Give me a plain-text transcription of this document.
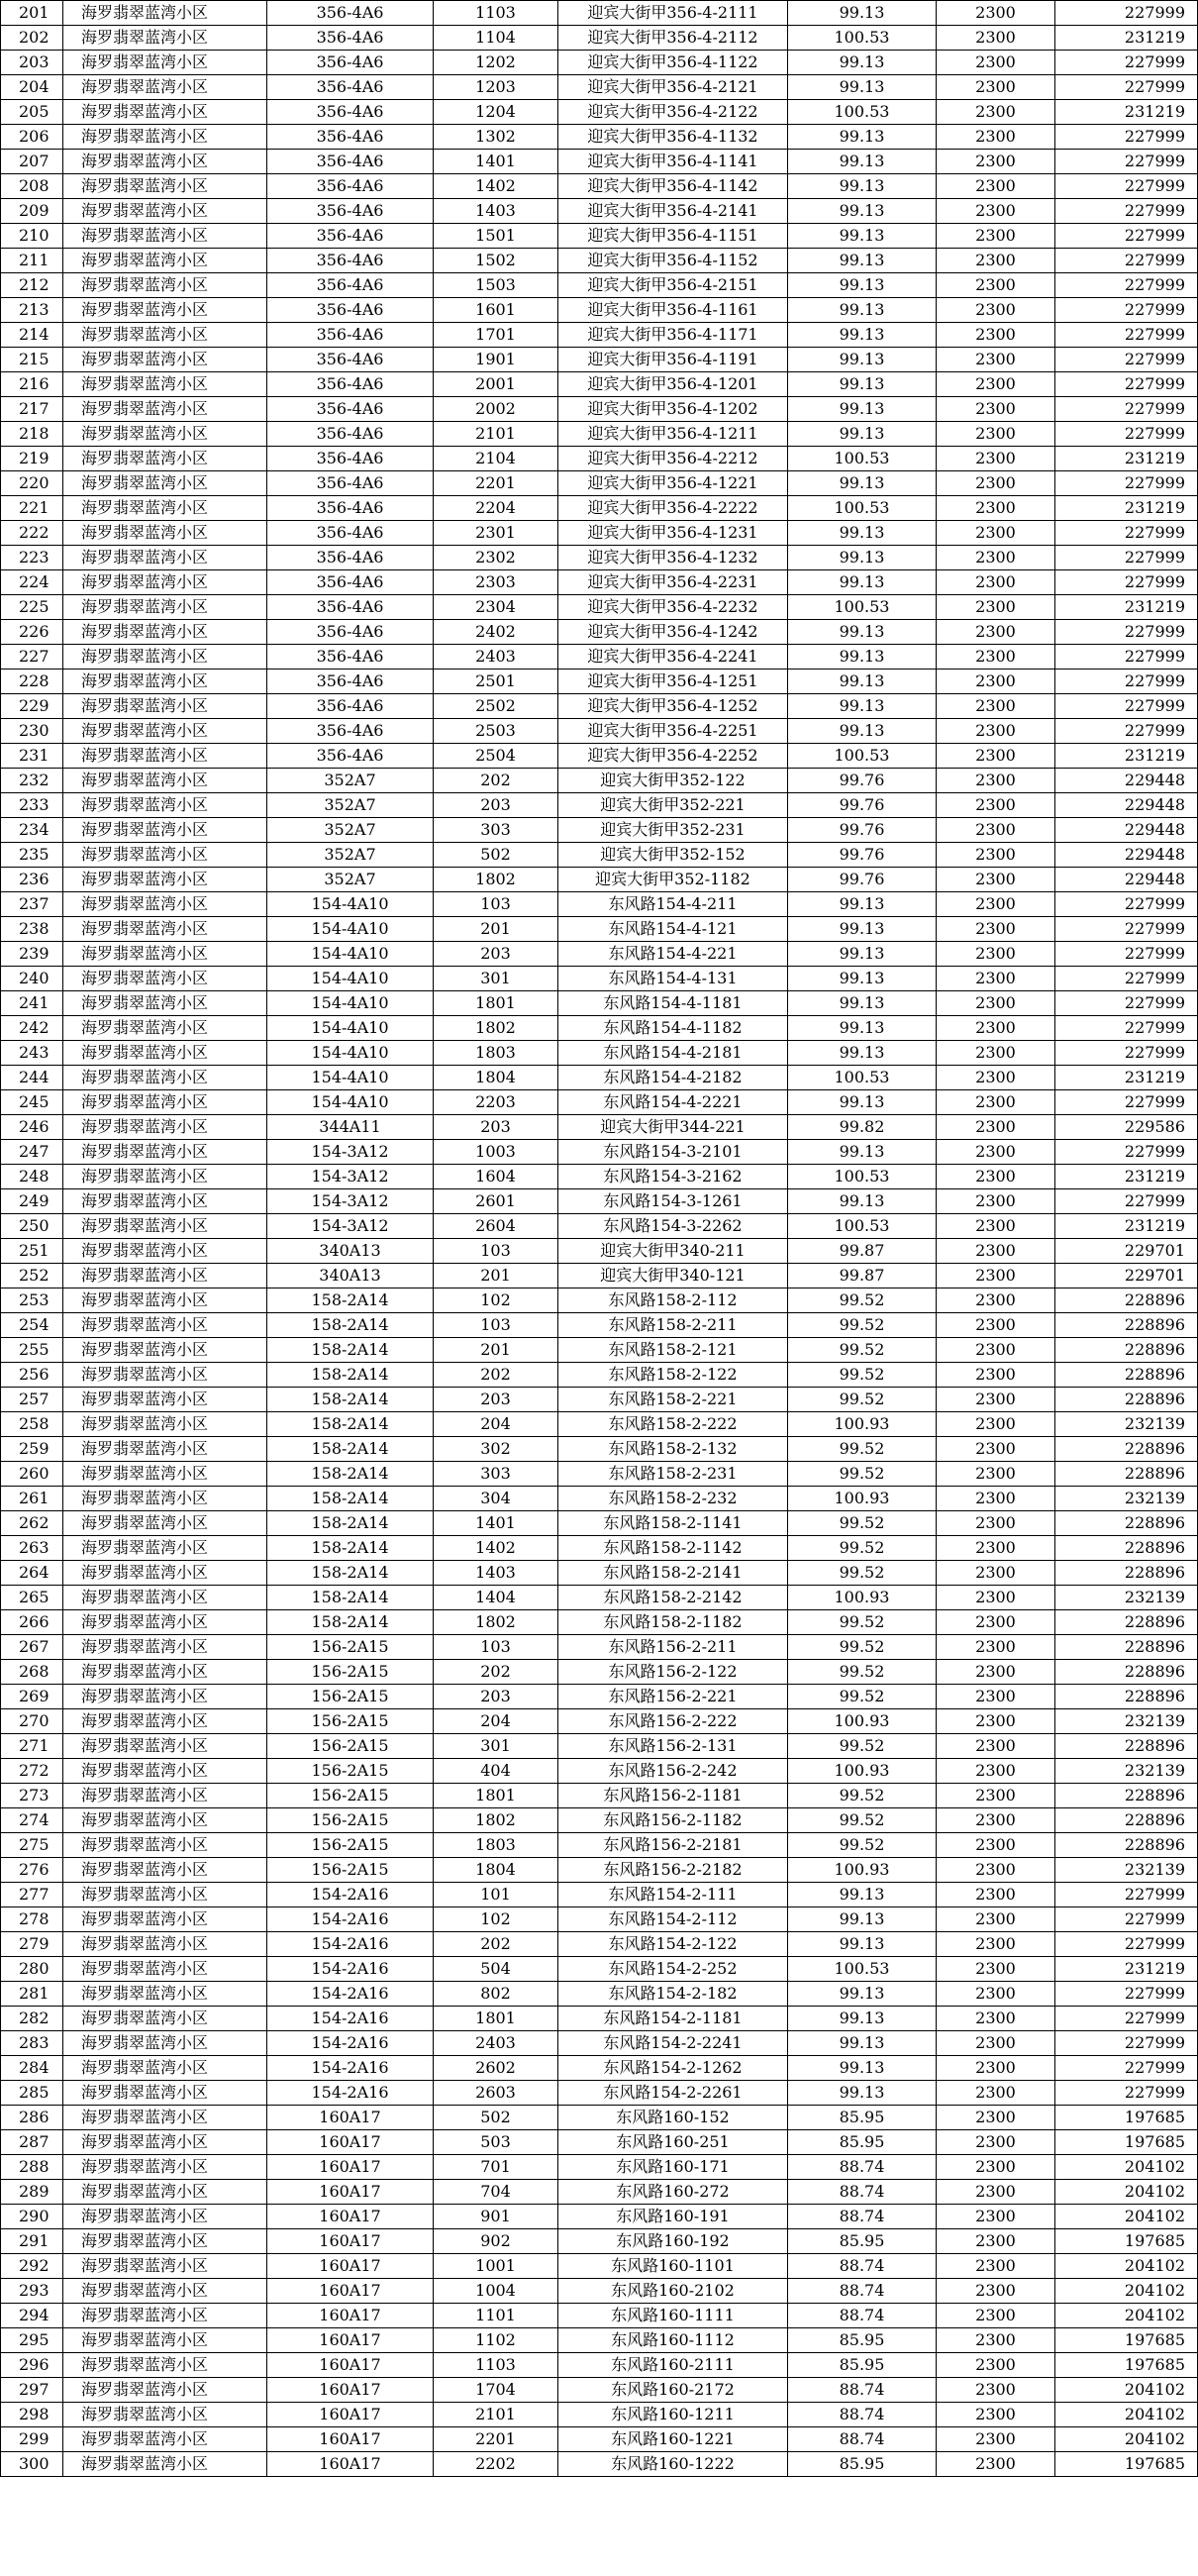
201	海罗翡翠蓝湾小区	356-4A6	1103	迎宾大街甲356-4-2111	99.13	2300	227999
202	海罗翡翠蓝湾小区	356-4A6	1104	迎宾大街甲356-4-2112	100.53	2300	231219
203	海罗翡翠蓝湾小区	356-4A6	1202	迎宾大街甲356-4-1122	99.13	2300	227999
204	海罗翡翠蓝湾小区	356-4A6	1203	迎宾大街甲356-4-2121	99.13	2300	227999
205	海罗翡翠蓝湾小区	356-4A6	1204	迎宾大街甲356-4-2122	100.53	2300	231219
206	海罗翡翠蓝湾小区	356-4A6	1302	迎宾大街甲356-4-1132	99.13	2300	227999
207	海罗翡翠蓝湾小区	356-4A6	1401	迎宾大街甲356-4-1141	99.13	2300	227999
208	海罗翡翠蓝湾小区	356-4A6	1402	迎宾大街甲356-4-1142	99.13	2300	227999
209	海罗翡翠蓝湾小区	356-4A6	1403	迎宾大街甲356-4-2141	99.13	2300	227999
210	海罗翡翠蓝湾小区	356-4A6	1501	迎宾大街甲356-4-1151	99.13	2300	227999
211	海罗翡翠蓝湾小区	356-4A6	1502	迎宾大街甲356-4-1152	99.13	2300	227999
212	海罗翡翠蓝湾小区	356-4A6	1503	迎宾大街甲356-4-2151	99.13	2300	227999
213	海罗翡翠蓝湾小区	356-4A6	1601	迎宾大街甲356-4-1161	99.13	2300	227999
214	海罗翡翠蓝湾小区	356-4A6	1701	迎宾大街甲356-4-1171	99.13	2300	227999
215	海罗翡翠蓝湾小区	356-4A6	1901	迎宾大街甲356-4-1191	99.13	2300	227999
216	海罗翡翠蓝湾小区	356-4A6	2001	迎宾大街甲356-4-1201	99.13	2300	227999
217	海罗翡翠蓝湾小区	356-4A6	2002	迎宾大街甲356-4-1202	99.13	2300	227999
218	海罗翡翠蓝湾小区	356-4A6	2101	迎宾大街甲356-4-1211	99.13	2300	227999
219	海罗翡翠蓝湾小区	356-4A6	2104	迎宾大街甲356-4-2212	100.53	2300	231219
220	海罗翡翠蓝湾小区	356-4A6	2201	迎宾大街甲356-4-1221	99.13	2300	227999
221	海罗翡翠蓝湾小区	356-4A6	2204	迎宾大街甲356-4-2222	100.53	2300	231219
222	海罗翡翠蓝湾小区	356-4A6	2301	迎宾大街甲356-4-1231	99.13	2300	227999
223	海罗翡翠蓝湾小区	356-4A6	2302	迎宾大街甲356-4-1232	99.13	2300	227999
224	海罗翡翠蓝湾小区	356-4A6	2303	迎宾大街甲356-4-2231	99.13	2300	227999
225	海罗翡翠蓝湾小区	356-4A6	2304	迎宾大街甲356-4-2232	100.53	2300	231219
226	海罗翡翠蓝湾小区	356-4A6	2402	迎宾大街甲356-4-1242	99.13	2300	227999
227	海罗翡翠蓝湾小区	356-4A6	2403	迎宾大街甲356-4-2241	99.13	2300	227999
228	海罗翡翠蓝湾小区	356-4A6	2501	迎宾大街甲356-4-1251	99.13	2300	227999
229	海罗翡翠蓝湾小区	356-4A6	2502	迎宾大街甲356-4-1252	99.13	2300	227999
230	海罗翡翠蓝湾小区	356-4A6	2503	迎宾大街甲356-4-2251	99.13	2300	227999
231	海罗翡翠蓝湾小区	356-4A6	2504	迎宾大街甲356-4-2252	100.53	2300	231219
232	海罗翡翠蓝湾小区	352A7	202	迎宾大街甲352-122	99.76	2300	229448
233	海罗翡翠蓝湾小区	352A7	203	迎宾大街甲352-221	99.76	2300	229448
234	海罗翡翠蓝湾小区	352A7	303	迎宾大街甲352-231	99.76	2300	229448
235	海罗翡翠蓝湾小区	352A7	502	迎宾大街甲352-152	99.76	2300	229448
236	海罗翡翠蓝湾小区	352A7	1802	迎宾大街甲352-1182	99.76	2300	229448
237	海罗翡翠蓝湾小区	154-4A10	103	东风路154-4-211	99.13	2300	227999
238	海罗翡翠蓝湾小区	154-4A10	201	东风路154-4-121	99.13	2300	227999
239	海罗翡翠蓝湾小区	154-4A10	203	东风路154-4-221	99.13	2300	227999
240	海罗翡翠蓝湾小区	154-4A10	301	东风路154-4-131	99.13	2300	227999
241	海罗翡翠蓝湾小区	154-4A10	1801	东风路154-4-1181	99.13	2300	227999
242	海罗翡翠蓝湾小区	154-4A10	1802	东风路154-4-1182	99.13	2300	227999
243	海罗翡翠蓝湾小区	154-4A10	1803	东风路154-4-2181	99.13	2300	227999
244	海罗翡翠蓝湾小区	154-4A10	1804	东风路154-4-2182	100.53	2300	231219
245	海罗翡翠蓝湾小区	154-4A10	2203	东风路154-4-2221	99.13	2300	227999
246	海罗翡翠蓝湾小区	344A11	203	迎宾大街甲344-221	99.82	2300	229586
247	海罗翡翠蓝湾小区	154-3A12	1003	东风路154-3-2101	99.13	2300	227999
248	海罗翡翠蓝湾小区	154-3A12	1604	东风路154-3-2162	100.53	2300	231219
249	海罗翡翠蓝湾小区	154-3A12	2601	东风路154-3-1261	99.13	2300	227999
250	海罗翡翠蓝湾小区	154-3A12	2604	东风路154-3-2262	100.53	2300	231219
251	海罗翡翠蓝湾小区	340A13	103	迎宾大街甲340-211	99.87	2300	229701
252	海罗翡翠蓝湾小区	340A13	201	迎宾大街甲340-121	99.87	2300	229701
253	海罗翡翠蓝湾小区	158-2A14	102	东风路158-2-112	99.52	2300	228896
254	海罗翡翠蓝湾小区	158-2A14	103	东风路158-2-211	99.52	2300	228896
255	海罗翡翠蓝湾小区	158-2A14	201	东风路158-2-121	99.52	2300	228896
256	海罗翡翠蓝湾小区	158-2A14	202	东风路158-2-122	99.52	2300	228896
257	海罗翡翠蓝湾小区	158-2A14	203	东风路158-2-221	99.52	2300	228896
258	海罗翡翠蓝湾小区	158-2A14	204	东风路158-2-222	100.93	2300	232139
259	海罗翡翠蓝湾小区	158-2A14	302	东风路158-2-132	99.52	2300	228896
260	海罗翡翠蓝湾小区	158-2A14	303	东风路158-2-231	99.52	2300	228896
261	海罗翡翠蓝湾小区	158-2A14	304	东风路158-2-232	100.93	2300	232139
262	海罗翡翠蓝湾小区	158-2A14	1401	东风路158-2-1141	99.52	2300	228896
263	海罗翡翠蓝湾小区	158-2A14	1402	东风路158-2-1142	99.52	2300	228896
264	海罗翡翠蓝湾小区	158-2A14	1403	东风路158-2-2141	99.52	2300	228896
265	海罗翡翠蓝湾小区	158-2A14	1404	东风路158-2-2142	100.93	2300	232139
266	海罗翡翠蓝湾小区	158-2A14	1802	东风路158-2-1182	99.52	2300	228896
267	海罗翡翠蓝湾小区	156-2A15	103	东风路156-2-211	99.52	2300	228896
268	海罗翡翠蓝湾小区	156-2A15	202	东风路156-2-122	99.52	2300	228896
269	海罗翡翠蓝湾小区	156-2A15	203	东风路156-2-221	99.52	2300	228896
270	海罗翡翠蓝湾小区	156-2A15	204	东风路156-2-222	100.93	2300	232139
271	海罗翡翠蓝湾小区	156-2A15	301	东风路156-2-131	99.52	2300	228896
272	海罗翡翠蓝湾小区	156-2A15	404	东风路156-2-242	100.93	2300	232139
273	海罗翡翠蓝湾小区	156-2A15	1801	东风路156-2-1181	99.52	2300	228896
274	海罗翡翠蓝湾小区	156-2A15	1802	东风路156-2-1182	99.52	2300	228896
275	海罗翡翠蓝湾小区	156-2A15	1803	东风路156-2-2181	99.52	2300	228896
276	海罗翡翠蓝湾小区	156-2A15	1804	东风路156-2-2182	100.93	2300	232139
277	海罗翡翠蓝湾小区	154-2A16	101	东风路154-2-111	99.13	2300	227999
278	海罗翡翠蓝湾小区	154-2A16	102	东风路154-2-112	99.13	2300	227999
279	海罗翡翠蓝湾小区	154-2A16	202	东风路154-2-122	99.13	2300	227999
280	海罗翡翠蓝湾小区	154-2A16	504	东风路154-2-252	100.53	2300	231219
281	海罗翡翠蓝湾小区	154-2A16	802	东风路154-2-182	99.13	2300	227999
282	海罗翡翠蓝湾小区	154-2A16	1801	东风路154-2-1181	99.13	2300	227999
283	海罗翡翠蓝湾小区	154-2A16	2403	东风路154-2-2241	99.13	2300	227999
284	海罗翡翠蓝湾小区	154-2A16	2602	东风路154-2-1262	99.13	2300	227999
285	海罗翡翠蓝湾小区	154-2A16	2603	东风路154-2-2261	99.13	2300	227999
286	海罗翡翠蓝湾小区	160A17	502	东风路160-152	85.95	2300	197685
287	海罗翡翠蓝湾小区	160A17	503	东风路160-251	85.95	2300	197685
288	海罗翡翠蓝湾小区	160A17	701	东风路160-171	88.74	2300	204102
289	海罗翡翠蓝湾小区	160A17	704	东风路160-272	88.74	2300	204102
290	海罗翡翠蓝湾小区	160A17	901	东风路160-191	88.74	2300	204102
291	海罗翡翠蓝湾小区	160A17	902	东风路160-192	85.95	2300	197685
292	海罗翡翠蓝湾小区	160A17	1001	东风路160-1101	88.74	2300	204102
293	海罗翡翠蓝湾小区	160A17	1004	东风路160-2102	88.74	2300	204102
294	海罗翡翠蓝湾小区	160A17	1101	东风路160-1111	88.74	2300	204102
295	海罗翡翠蓝湾小区	160A17	1102	东风路160-1112	85.95	2300	197685
296	海罗翡翠蓝湾小区	160A17	1103	东风路160-2111	85.95	2300	197685
297	海罗翡翠蓝湾小区	160A17	1704	东风路160-2172	88.74	2300	204102
298	海罗翡翠蓝湾小区	160A17	2101	东风路160-1211	88.74	2300	204102
299	海罗翡翠蓝湾小区	160A17	2201	东风路160-1221	88.74	2300	204102
300	海罗翡翠蓝湾小区	160A17	2202	东风路160-1222	85.95	2300	197685
